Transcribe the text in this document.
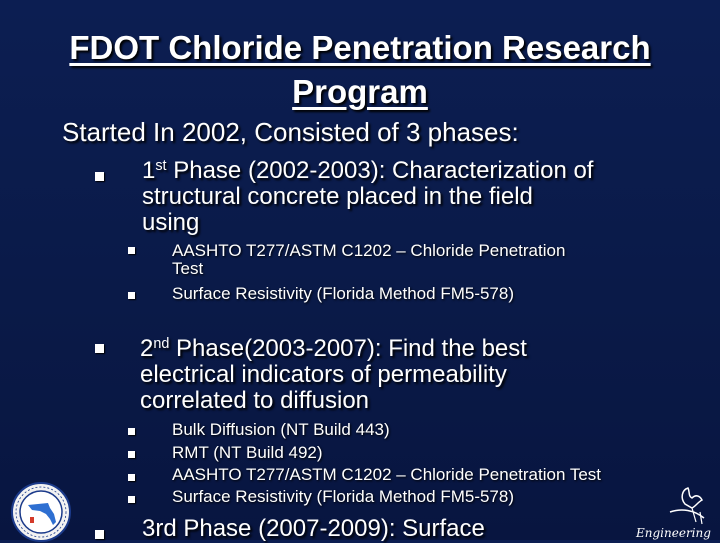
FDOT Chloride Penetration Research
Program

Started In 2002, Consisted of 3 phases:

1st Phase (2002-2003): Characterization of
structural concrete placed in the field
using
AASHTO T277/ASTM C1202 – Chloride Penetration
Test
Surface Resistivity (Florida Method FM5-578)
2nd Phase(2003-2007): Find the best
electrical indicators of permeability
correlated to diffusion
Bulk Diffusion (NT Build 443)
RMT (NT Build 492)
AASHTO T277/ASTM C1202 – Chloride Penetration Test
Surface Resistivity (Florida Method FM5-578)
3rd Phase (2007-2009): Surface	Engineering
